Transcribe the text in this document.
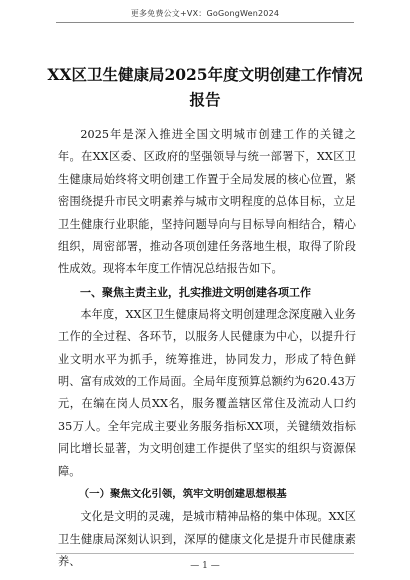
更多免费公文+VX：GoGongWen2024
XX区卫生健康局2025年度文明创建工作情况报告

2025年是深入推进全国文明城市创建工作的关键之年。在XX区委、区政府的坚强领导与统一部署下，XX区卫生健康局始终将文明创建工作置于全局发展的核心位置，紧密围绕提升市民文明素养与城市文明程度的总体目标，立足卫生健康行业职能，坚持问题导向与目标导向相结合，精心组织，周密部署，推动各项创建任务落地生根，取得了阶段性成效。现将本年度工作情况总结报告如下。

一、聚焦主责主业，扎实推进文明创建各项工作

本年度，XX区卫生健康局将文明创建理念深度融入业务工作的全过程、各环节，以服务人民健康为中心，以提升行业文明水平为抓手，统筹推进，协同发力，形成了特色鲜明、富有成效的工作局面。全局年度预算总额约为620.43万元，在编在岗人员XX名，服务覆盖辖区常住及流动人口约35万人。全年完成主要业务服务指标XX项，关键绩效指标同比增长显著，为文明创建工作提供了坚实的组织与资源保障。

（一）聚焦文化引领，筑牢文明创建思想根基

文化是文明的灵魂，是城市精神品格的集中体现。XX区卫生健康局深刻认识到，深厚的健康文化是提升市民健康素养、	— 1 —
